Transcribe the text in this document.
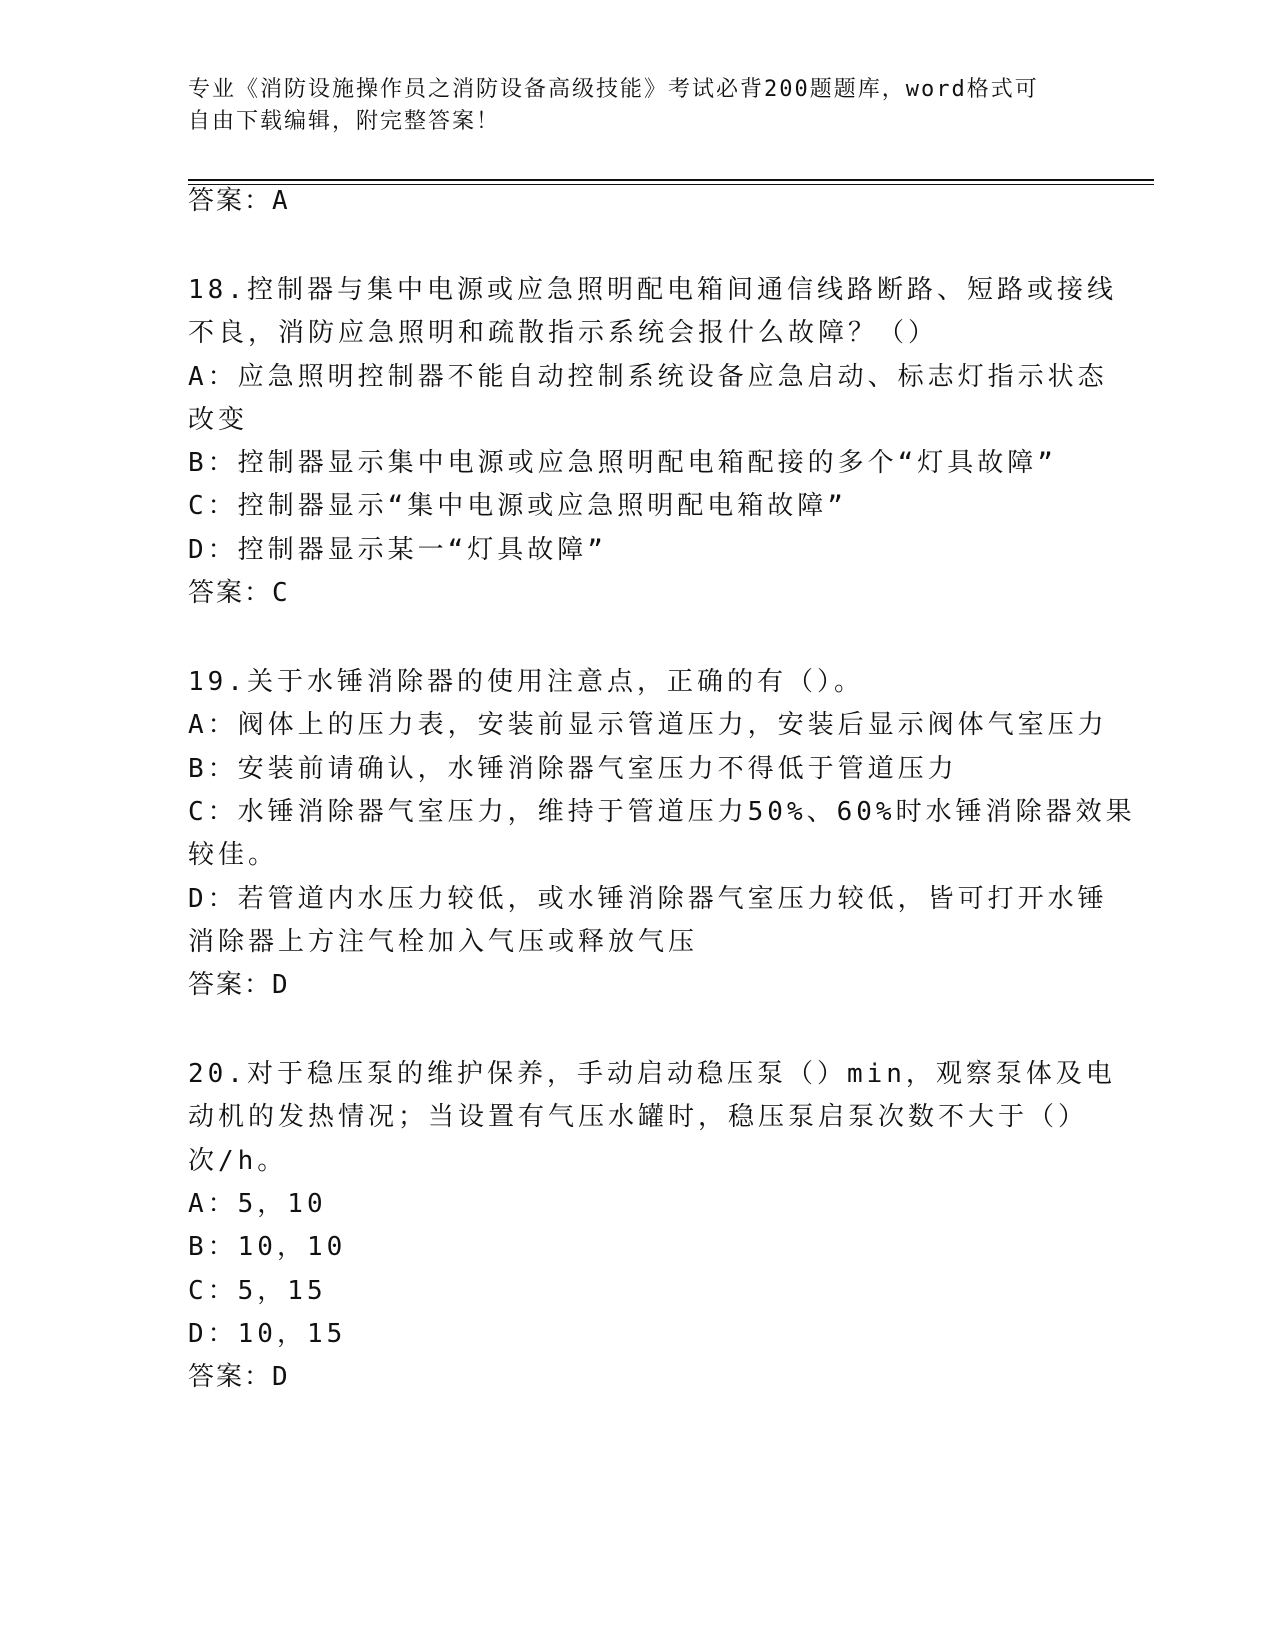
专业《消防设施操作员之消防设备高级技能》考试必背200题题库，word格式可
自由下载编辑，附完整答案！
答案：A
18.控制器与集中电源或应急照明配电箱间通信线路断路、短路或接线
不良，消防应急照明和疏散指示系统会报什么故障？（）
A：应急照明控制器不能自动控制系统设备应急启动、标志灯指示状态
改变
B：控制器显示集中电源或应急照明配电箱配接的多个“灯具故障”
C：控制器显示“集中电源或应急照明配电箱故障”
D：控制器显示某一“灯具故障”
答案：C
19.关于水锤消除器的使用注意点，正确的有（）。
A：阀体上的压力表，安装前显示管道压力，安装后显示阀体气室压力
B：安装前请确认，水锤消除器气室压力不得低于管道压力
C：水锤消除器气室压力，维持于管道压力50%、60%时水锤消除器效果
较佳。
D：若管道内水压力较低，或水锤消除器气室压力较低，皆可打开水锤
消除器上方注气栓加入气压或释放气压
答案：D
20.对于稳压泵的维护保养，手动启动稳压泵（）min，观察泵体及电
动机的发热情况；当设置有气压水罐时，稳压泵启泵次数不大于（）
次/h。
A：5，10
B：10，10
C：5，15
D：10，15
答案：D
